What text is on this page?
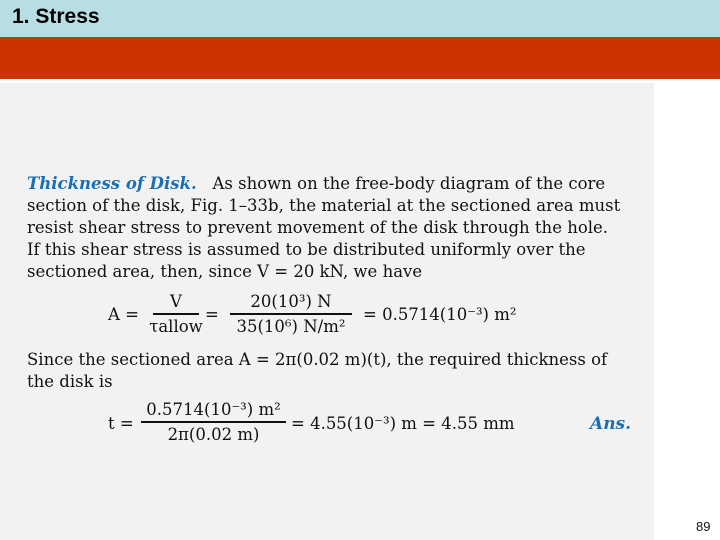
1. Stress
Thickness of Disk. As shown on the free-body diagram of the core
section of the disk, Fig. 1–33b, the material at the sectioned area must
resist shear stress to prevent movement of the disk through the hole.
If this shear stress is assumed to be distributed uniformly over the
sectioned area, then, since V = 20 kN, we have
A =
V
τallow
=
20(10³) N
35(10⁶) N/m²
= 0.5714(10⁻³) m²
Since the sectioned area A = 2π(0.02 m)(t), the required thickness of
the disk is
t =
0.5714(10⁻³) m²
2π(0.02 m)
= 4.55(10⁻³) m = 4.55 mm	Ans.
89
